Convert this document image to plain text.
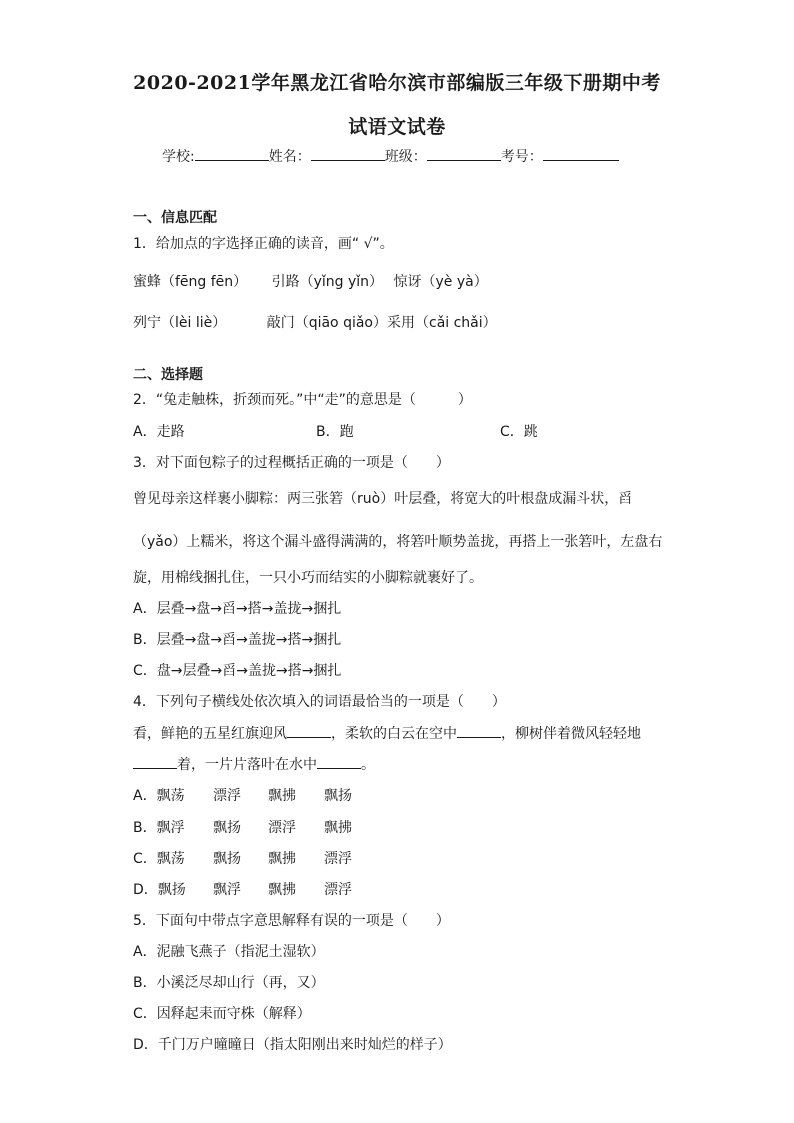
2020-2021学年黑龙江省哈尔滨市部编版三年级下册期中考
试语文试卷
学校:	姓名：	班级：	考号：
一、信息匹配
1．给加点的字选择正确的读音，画“ √”。
蜜蜂（fēng fēn） 引路（yǐng yǐn） 惊讶（yè yà）
列宁（lèi liè）	敲门（qiāo qiǎo）采用（cǎi chǎi）
二、选择题
2．“兔走触株，折颈而死。”中“走”的意思是（　　　）
A．走路	B．跑	C．跳
3．对下面包粽子的过程概括正确的一项是（　　）
曾见母亲这样裹小脚粽：两三张箬（ruò）叶层叠，将宽大的叶根盘成漏斗状，舀
（yǎo）上糯米，将这个漏斗盛得满满的，将箬叶顺势盖拢，再搭上一张箬叶，左盘右
旋，用棉线捆扎住，一只小巧而结实的小脚粽就裹好了。
A．层叠→盘→舀→搭→盖拢→捆扎
B．层叠→盘→舀→盖拢→搭→捆扎
C．盘→层叠→舀→盖拢→搭→捆扎
4．下列句子横线处依次填入的词语最恰当的一项是（　　）
看，鲜艳的五星红旗迎风	，柔软的白云在空中	，柳树伴着微风轻轻地
着，一片片落叶在水中	。
A．飘荡 漂浮 飘拂 飘扬
B．飘浮 飘扬 漂浮 飘拂
C．飘荡 飘扬 飘拂 漂浮
D．飘扬 飘浮 飘拂 漂浮
5．下面句中带点字意思解释有误的一项是（　　）
A．泥融飞燕子（指泥土湿软）
B．小溪泛尽却山行（再，又）
C．因释起耒而守株（解释）
D．千门万户曈曈日（指太阳刚出来时灿烂的样子）
